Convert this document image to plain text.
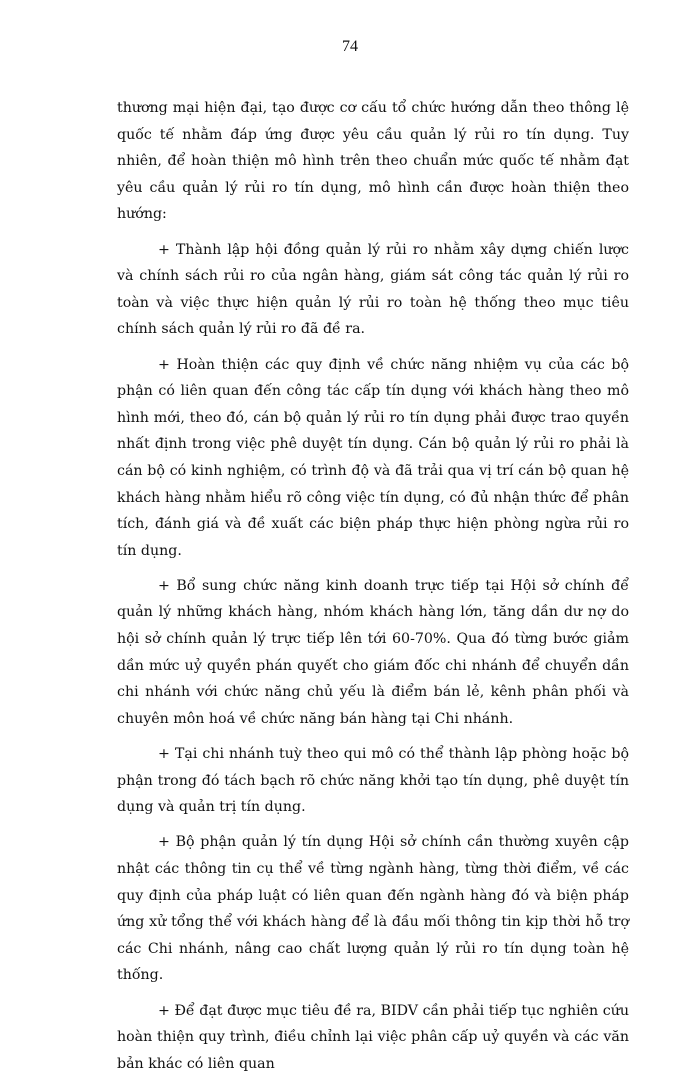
74

thương mại hiện đại, tạo được cơ cấu tổ chức hướng dẫn theo thông lệ quốc tế nhằm đáp ứng được yêu cầu quản lý rủi ro tín dụng. Tuy nhiên, để hoàn thiện mô hình trên theo chuẩn mức quốc tế nhằm đạt yêu cầu quản lý rủi ro tín dụng, mô hình cần được hoàn thiện theo hướng:

+ Thành lập hội đồng quản lý rủi ro nhằm xây dựng chiến lược và chính sách rủi ro của ngân hàng, giám sát công tác quản lý rủi ro toàn và việc thực hiện quản lý rủi ro toàn hệ thống theo mục tiêu chính sách quản lý rủi ro đã đề ra.

+ Hoàn thiện các quy định về chức năng nhiệm vụ của các bộ phận có liên quan đến công tác cấp tín dụng với khách hàng theo mô hình mới, theo đó, cán bộ quản lý rủi ro tín dụng phải được trao quyền nhất định trong việc phê duyệt tín dụng. Cán bộ quản lý rủi ro phải là cán bộ có kinh nghiệm, có trình độ và đã trải qua vị trí cán bộ quan hệ khách hàng nhằm hiểu rõ công việc tín dụng, có đủ nhận thức để phân tích, đánh giá và đề xuất các biện pháp thực hiện phòng ngừa rủi ro tín dụng.

+ Bổ sung chức năng kinh doanh trực tiếp tại Hội sở chính để quản lý những khách hàng, nhóm khách hàng lớn, tăng dần dư nợ do hội sở chính quản lý trực tiếp lên tới 60-70%. Qua đó từng bước giảm dần mức uỷ quyền phán quyết cho giám đốc chi nhánh để chuyển dần chi nhánh với chức năng chủ yếu là điểm bán lẻ, kênh phân phối và chuyên môn hoá về chức năng bán hàng tại Chi nhánh.

+ Tại chi nhánh tuỳ theo qui mô có thể thành lập phòng hoặc bộ phận trong đó tách bạch rõ chức năng khởi tạo tín dụng, phê duyệt tín dụng và quản trị tín dụng.

+ Bộ phận quản lý tín dụng Hội sở chính cần thường xuyên cập nhật các thông tin cụ thể về từng ngành hàng, từng thời điểm, về các quy định của pháp luật có liên quan đến ngành hàng đó và biện pháp ứng xử tổng thể với khách hàng để là đầu mối thông tin kịp thời hỗ trợ các Chi nhánh, nâng cao chất lượng quản lý rủi ro tín dụng toàn hệ thống.

+ Để đạt được mục tiêu đề ra, BIDV cần phải tiếp tục nghiên cứu hoàn thiện quy trình, điều chỉnh lại việc phân cấp uỷ quyền và các văn bản khác có liên quan
